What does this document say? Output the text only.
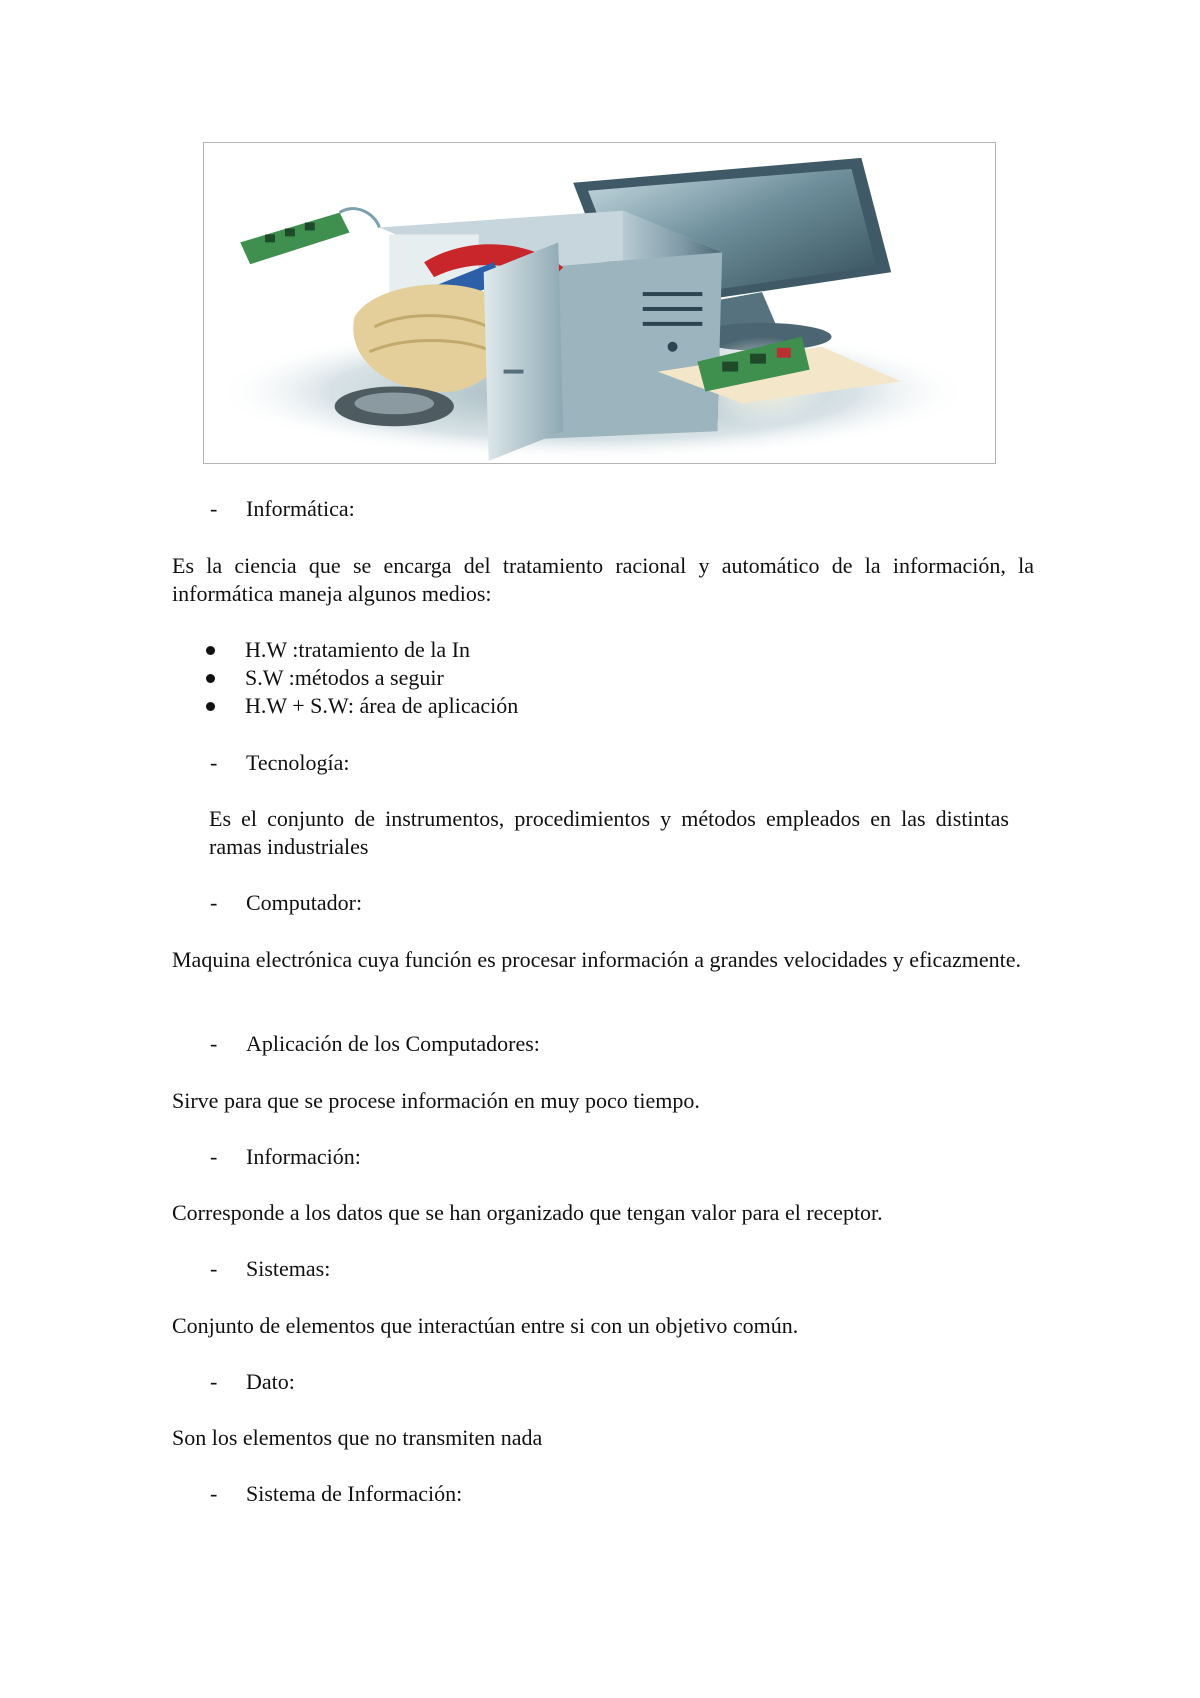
- Informática:
Es la ciencia que se encarga del tratamiento racional y automático de la información, la informática maneja algunos medios:
H.W :tratamiento de la In
S.W :métodos a seguir
H.W + S.W: área de aplicación
- Tecnología:
Es el conjunto de instrumentos, procedimientos y métodos empleados en las distintas ramas industriales
- Computador:
Maquina electrónica cuya función es procesar información a grandes velocidades y eficazmente.
- Aplicación de los Computadores:
Sirve para que se procese información en muy poco tiempo.
- Información:
Corresponde a los datos que se han organizado que tengan valor para el receptor.
- Sistemas:
Conjunto de elementos que interactúan entre si con un objetivo común.
- Dato:
Son los elementos que no transmiten nada
- Sistema de Información:
